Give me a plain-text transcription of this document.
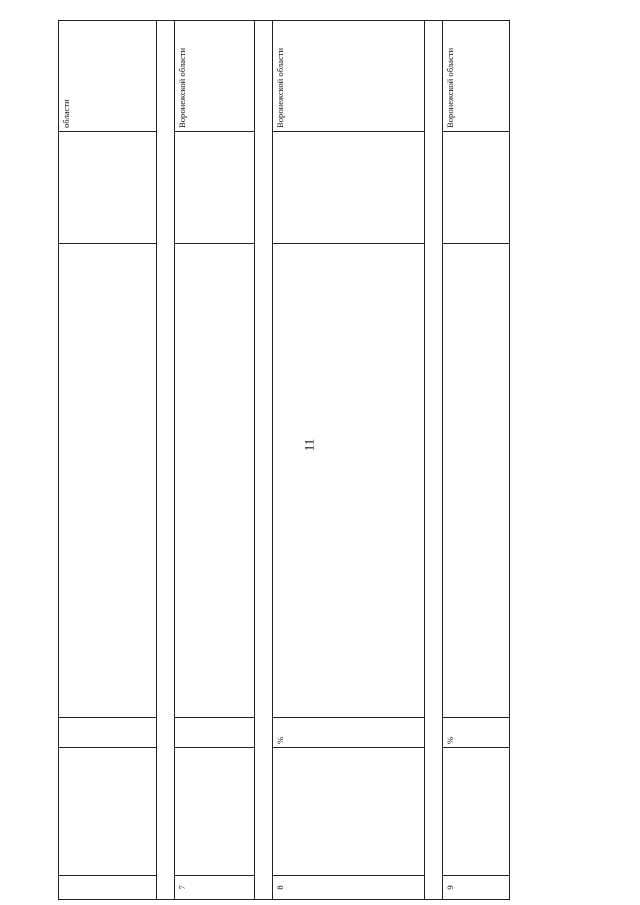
11
области
7
Воронежской области
8
%
Воронежской области
9
%
Воронежской области
